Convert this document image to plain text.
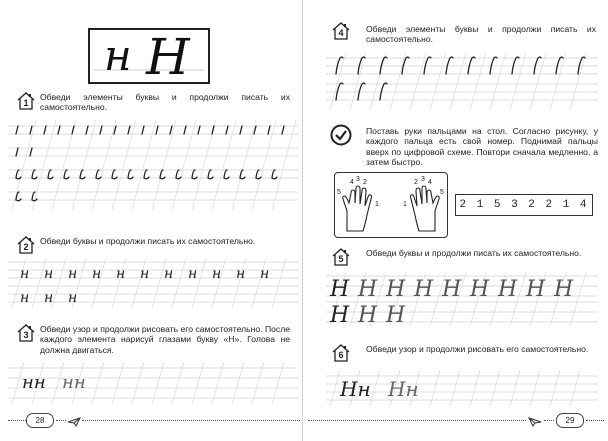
н Н
1
Обведи элементы буквы и продолжи писать их самостоятельно.
2
Обведи буквы и продолжи писать их самостоятельно.
н н н н н н н н н н н
н н н
3
Обведи узор и продолжи рисовать его самостоятельно. После каждого элемента нарисуй глазами букву «Н». Голова не должна двигаться.
нн нн
28
4	Обведи элементы буквы и продолжи писать их самостоятельно.
Поставь руки пальцами на стол. Согласно рисунку, у каждого пальца есть свой номер. Поднимай пальцы вверх по цифровой схеме. Повтори сначала медленно, а затем быстро.
5
4 3 2
1	1
2 3 4
5
2 1 5 3 2 2 1 4
5
Обведи буквы и продолжи писать их самостоятельно.
Н Н Н Н Н Н Н Н Н
Н Н Н
6
Обведи узор и продолжи рисовать его самостоятельно.
Нн Нн
29
